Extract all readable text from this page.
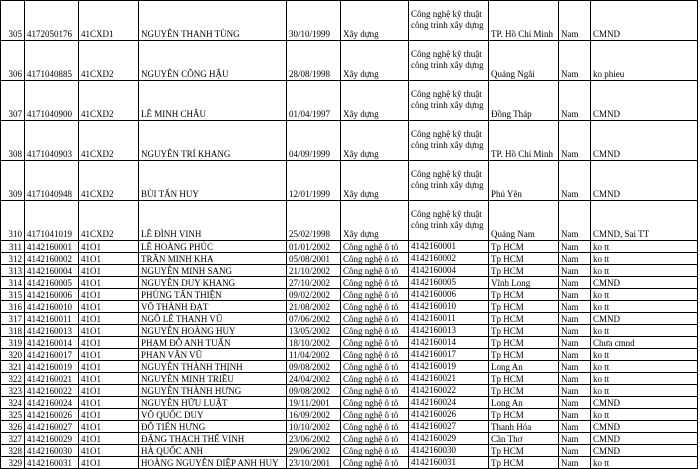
305	4172050176	41CXD1	NGUYỄN THANH TÙNG	30/10/1999	Xây dựng	Công nghệ kỹ thuật công trình xây dựng	TP. Hồ Chí Minh	Nam	CMND
306	4171040885	41CXD2	NGUYỄN CÔNG HẬU	28/08/1998	Xây dựng	Công nghệ kỹ thuật công trình xây dựng	Quảng Ngãi	Nam	ko phieu
307	4171040900	41CXD2	LÊ MINH CHÂU	01/04/1997	Xây dựng	Công nghệ kỹ thuật công trình xây dựng	Đồng Tháp	Nam	CMND
308	4171040903	41CXD2	NGUYỄN TRÍ KHANG	04/09/1999	Xây dựng	Công nghệ kỹ thuật công trình xây dựng	TP. Hồ Chí Minh	Nam	CMND
309	4171040948	41CXD2	BÙI TẤN HUY	12/01/1999	Xây dựng	Công nghệ kỹ thuật công trình xây dựng	Phú Yên	Nam	CMND
310	4171041019	41CXD2	LÊ ĐÌNH VINH	25/02/1998	Xây dựng	Công nghệ kỹ thuật công trình xây dựng	Quảng Nam	Nam	CMND, Sai TT
311	4142160001	41O1	LÊ HOÀNG PHÚC	01/01/2002	Công nghệ ô tô	4142160001	Tp HCM	Nam	ko tt
312	4142160002	41O1	TRẦN MINH KHA	05/08/2001	Công nghệ ô tô	4142160002	Tp HCM	Nam	ko tt
313	4142160004	41O1	NGUYỄN MINH SANG	21/10/2002	Công nghệ ô tô	4142160004	Tp HCM	Nam	ko tt
314	4142160005	41O1	NGUYỄN DUY KHANG	27/10/2002	Công nghệ ô tô	4142160005	Vĩnh Long	Nam	CMND
315	4142160006	41O1	PHÙNG TẤN THIỆN	09/02/2002	Công nghệ ô tô	4142160006	Tp HCM	Nam	ko tt
316	4142160010	41O1	VÕ THÀNH ĐẠT	21/08/2002	Công nghệ ô tô	4142160010	Tp HCM	Nam	ko tt
317	4142160011	41O1	NGÔ LÊ THANH VŨ	07/06/2002	Công nghệ ô tô	4142160011	Tp HCM	Nam	CMND
318	4142160013	41O1	NGUYỄN HOÀNG HUY	13/05/2002	Công nghệ ô tô	4142160013	Tp HCM	Nam	ko tt
319	4142160014	41O1	PHẠM ĐỖ ANH TUẤN	18/10/2002	Công nghệ ô tô	4142160014	Tp HCM	Nam	Chưa cmnd
320	4142160017	41O1	PHAN VĂN VŨ	11/04/2002	Công nghệ ô tô	4142160017	Tp HCM	Nam	ko tt
321	4142160019	41O1	NGUYỄN THÀNH THỊNH	09/08/2002	Công nghệ ô tô	4142160019	Long An	Nam	ko tt
322	4142160021	41O1	NGUYỄN MINH TRIỀU	24/04/2002	Công nghệ ô tô	4142160021	Tp HCM	Nam	ko tt
323	4142160022	41O1	NGUYỄN THÀNH HƯNG	09/08/2002	Công nghệ ô tô	4142160022	Tp HCM	Nam	ko tt
324	4142160024	41O1	NGUYỄN HỮU LUẬT	19/11/2001	Công nghệ ô tô	4142160024	Long An	Nam	CMND
325	4142160026	41O1	VÕ QUỐC DUY	16/09/2002	Công nghệ ô tô	4142160026	Tp HCM	Nam	ko tt
326	4142160027	41O1	ĐỖ TIẾN HƯNG	10/10/2002	Công nghệ ô tô	4142160027	Thanh Hóa	Nam	CMND
327	4142160029	41O1	ĐẶNG THẠCH THẾ VINH	23/06/2002	Công nghệ ô tô	4142160029	Cần Thơ	Nam	CMND
328	4142160030	41O1	HÀ QUỐC ANH	29/06/2002	Công nghệ ô tô	4142160030	Tp HCM	Nam	CMND
329	4142160031	41O1	HOÀNG NGUYỄN DIỆP ANH HUY	23/10/2001	Công nghệ ô tô	4142160031	Tp HCM	Nam	ko tt
